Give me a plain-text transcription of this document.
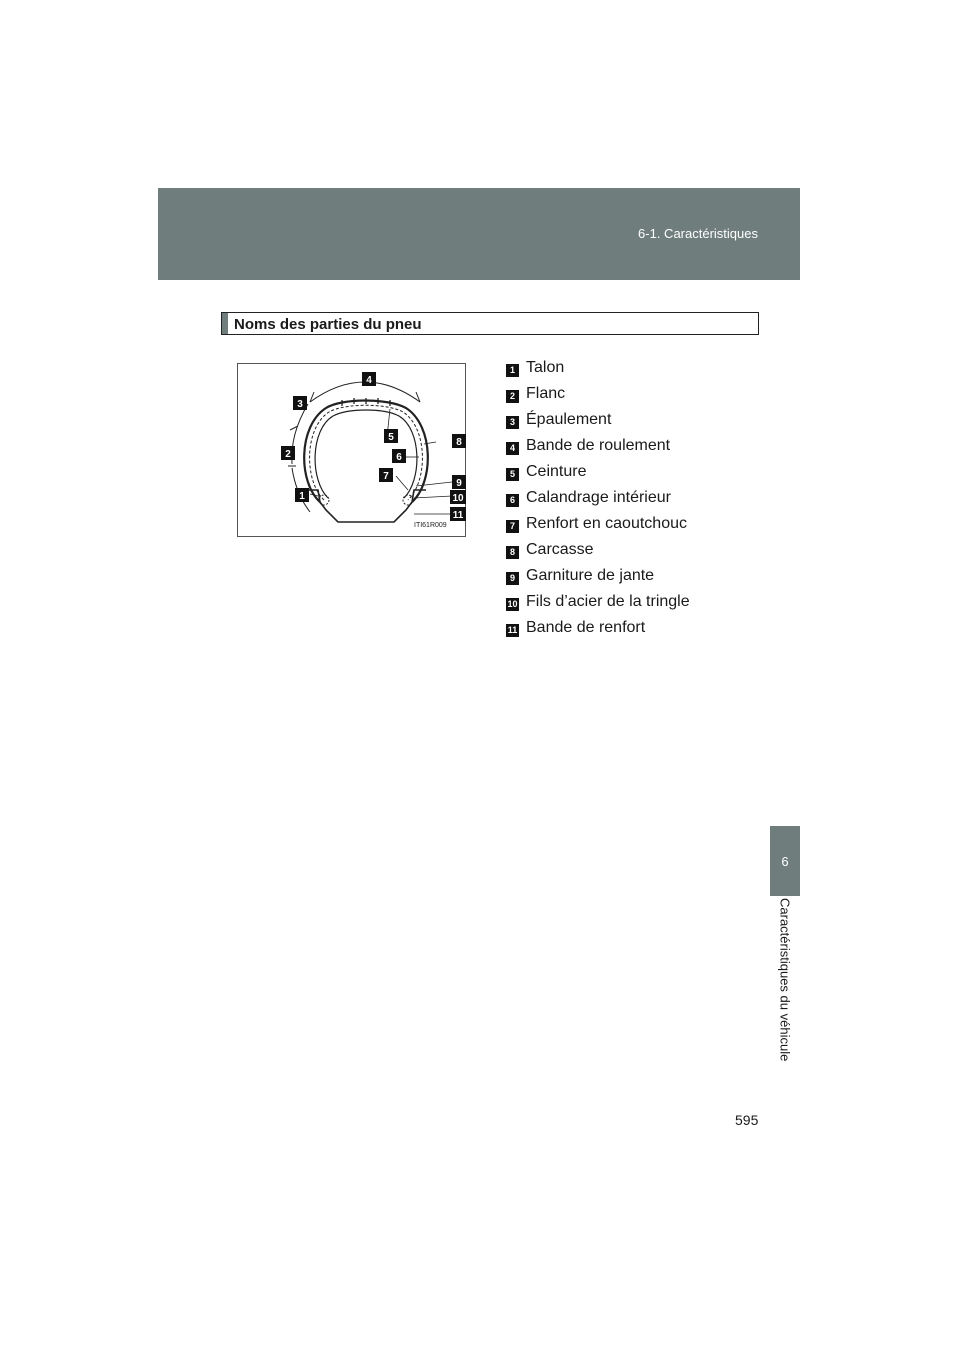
6-1. Caractéristiques
6
Caractéristiques du véhicule
595
Noms des parties du pneu
1
2
3
4
5
6
7
8
9
10
11
ITI61R009
1 Talon
2 Flanc
3 Épaulement
4 Bande de roulement
5 Ceinture
6 Calandrage intérieur
7 Renfort en caoutchouc
8 Carcasse
9 Garniture de jante
10 Fils d’acier de la tringle
11 Bande de renfort
